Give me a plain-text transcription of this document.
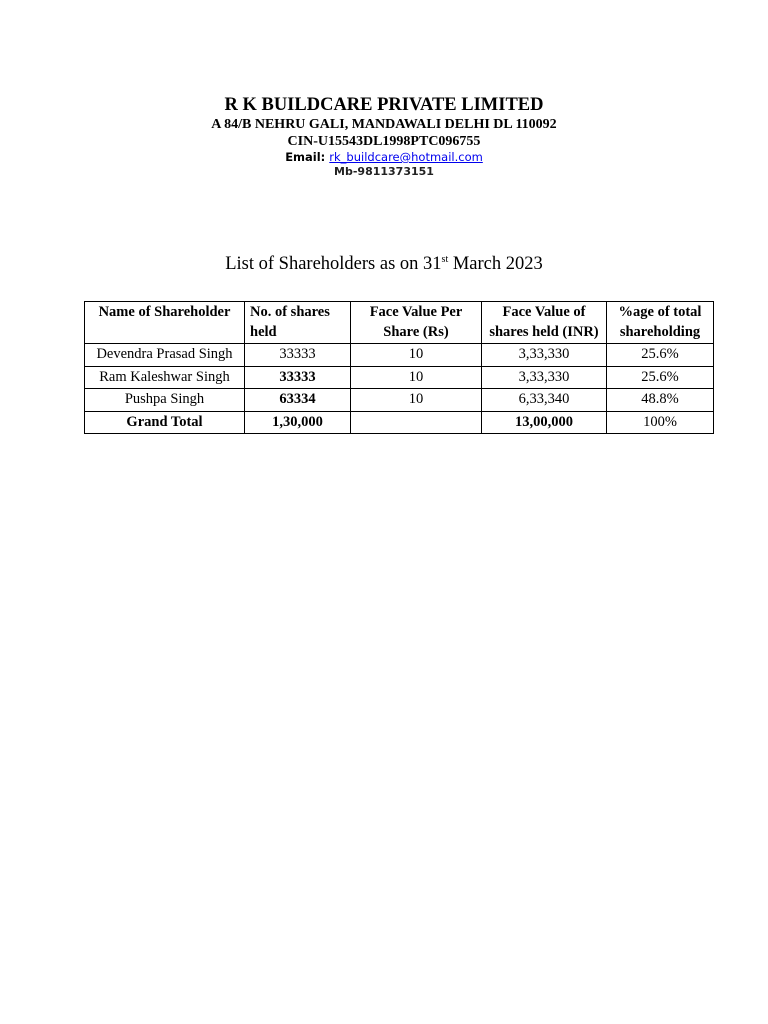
R K BUILDCARE PRIVATE LIMITED

A 84/B NEHRU GALI, MANDAWALI DELHI DL 110092

CIN-U15543DL1998PTC096755

Email: rk_buildcare@hotmail.com

Mb-9811373151

List of Shareholders as on 31st March 2023
Name of Shareholder	No. of shares held	Face Value Per Share (Rs)	Face Value of shares held (INR)	%age of total shareholding
Devendra Prasad Singh	33333	10	3,33,330	25.6%
Ram Kaleshwar Singh	33333	10	3,33,330	25.6%
Pushpa Singh	63334	10	6,33,340	48.8%
Grand Total	1,30,000		13,00,000	100%
